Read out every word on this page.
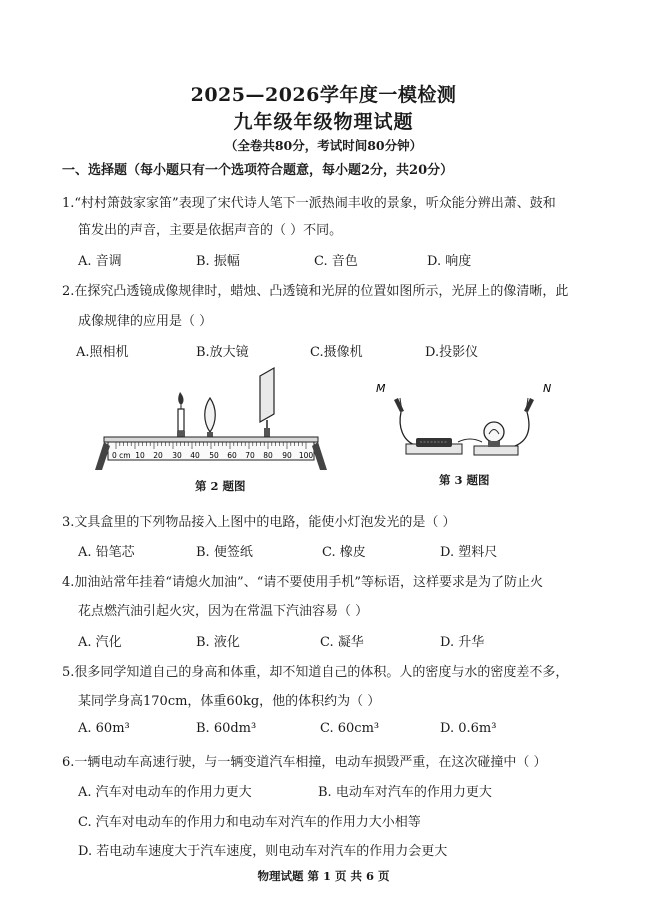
2025—2026学年度一模检测
九年级年级物理试题
（全卷共80分，考试时间80分钟）
一、选择题（每小题只有一个选项符合题意，每小题2分，共20分）
1.“村村箫鼓家家笛”表现了宋代诗人笔下一派热闹丰收的景象，听众能分辨出萧、鼓和
笛发出的声音，主要是依据声音的（ ）不同。
A. 音调	B. 振幅	C. 音色	D. 响度
2.在探究凸透镜成像规律时，蜡烛、凸透镜和光屏的位置如图所示，光屏上的像清晰，此
成像规律的应用是（ ）
A.照相机	B.放大镜	C.摄像机	D.投影仪
0 cm 10 20 30 40 50 60 70 80 90 100
第 2 题图
M	N
第 3 题图
3.文具盒里的下列物品接入上图中的电路，能使小灯泡发光的是（ ）
A. 铅笔芯	B. 便签纸	C. 橡皮	D. 塑料尺
4.加油站常年挂着“请熄火加油”、“请不要使用手机”等标语，这样要求是为了防止火
花点燃汽油引起火灾，因为在常温下汽油容易（ ）
A. 汽化	B. 液化	C. 凝华	D. 升华
5.很多同学知道自己的身高和体重，却不知道自己的体积。人的密度与水的密度差不多，
某同学身高170cm，体重60kg，他的体积约为（ ）
A. 60m³	B. 60dm³	C. 60cm³	D. 0.6m³
6.一辆电动车高速行驶，与一辆变道汽车相撞，电动车损毁严重，在这次碰撞中（ ）
A. 汽车对电动车的作用力更大	B. 电动车对汽车的作用力更大
C. 汽车对电动车的作用力和电动车对汽车的作用力大小相等
D. 若电动车速度大于汽车速度，则电动车对汽车的作用力会更大
物理试题 第 1 页 共 6 页
